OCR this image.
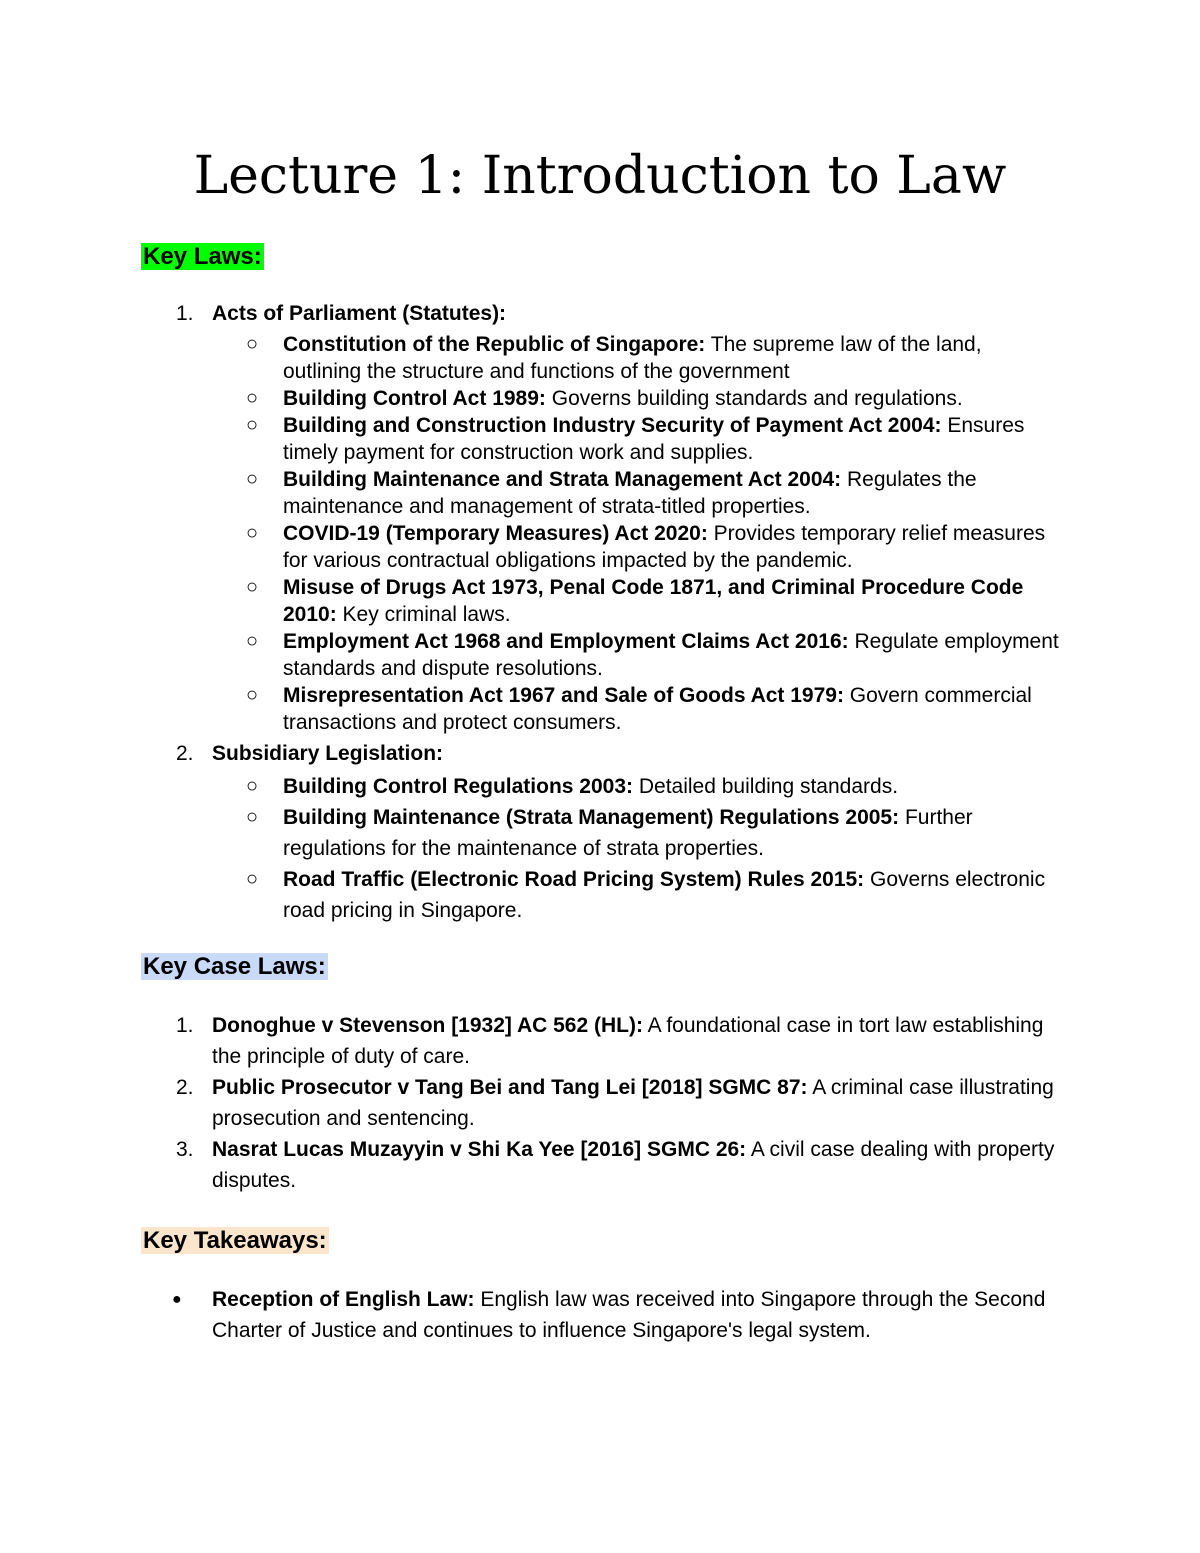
Lecture 1: Introduction to Law
Key Laws:
1. Acts of Parliament (Statutes):
○ Constitution of the Republic of Singapore: The supreme law of the land, outlining the structure and functions of the government
○ Building Control Act 1989: Governs building standards and regulations.
○ Building and Construction Industry Security of Payment Act 2004: Ensures timely payment for construction work and supplies.
○ Building Maintenance and Strata Management Act 2004: Regulates the maintenance and management of strata-titled properties.
○ COVID-19 (Temporary Measures) Act 2020: Provides temporary relief measures for various contractual obligations impacted by the pandemic.
○ Misuse of Drugs Act 1973, Penal Code 1871, and Criminal Procedure Code 2010: Key criminal laws.
○ Employment Act 1968 and Employment Claims Act 2016: Regulate employment standards and dispute resolutions.
○ Misrepresentation Act 1967 and Sale of Goods Act 1979: Govern commercial transactions and protect consumers.
2. Subsidiary Legislation:
○ Building Control Regulations 2003: Detailed building standards.
○ Building Maintenance (Strata Management) Regulations 2005: Further regulations for the maintenance of strata properties.
○ Road Traffic (Electronic Road Pricing System) Rules 2015: Governs electronic road pricing in Singapore.
Key Case Laws:
1. Donoghue v Stevenson [1932] AC 562 (HL): A foundational case in tort law establishing the principle of duty of care.
2. Public Prosecutor v Tang Bei and Tang Lei [2018] SGMC 87: A criminal case illustrating prosecution and sentencing.
3. Nasrat Lucas Muzayyin v Shi Ka Yee [2016] SGMC 26: A civil case dealing with property disputes.
Key Takeaways:
● Reception of English Law: English law was received into Singapore through the Second Charter of Justice and continues to influence Singapore's legal system.
